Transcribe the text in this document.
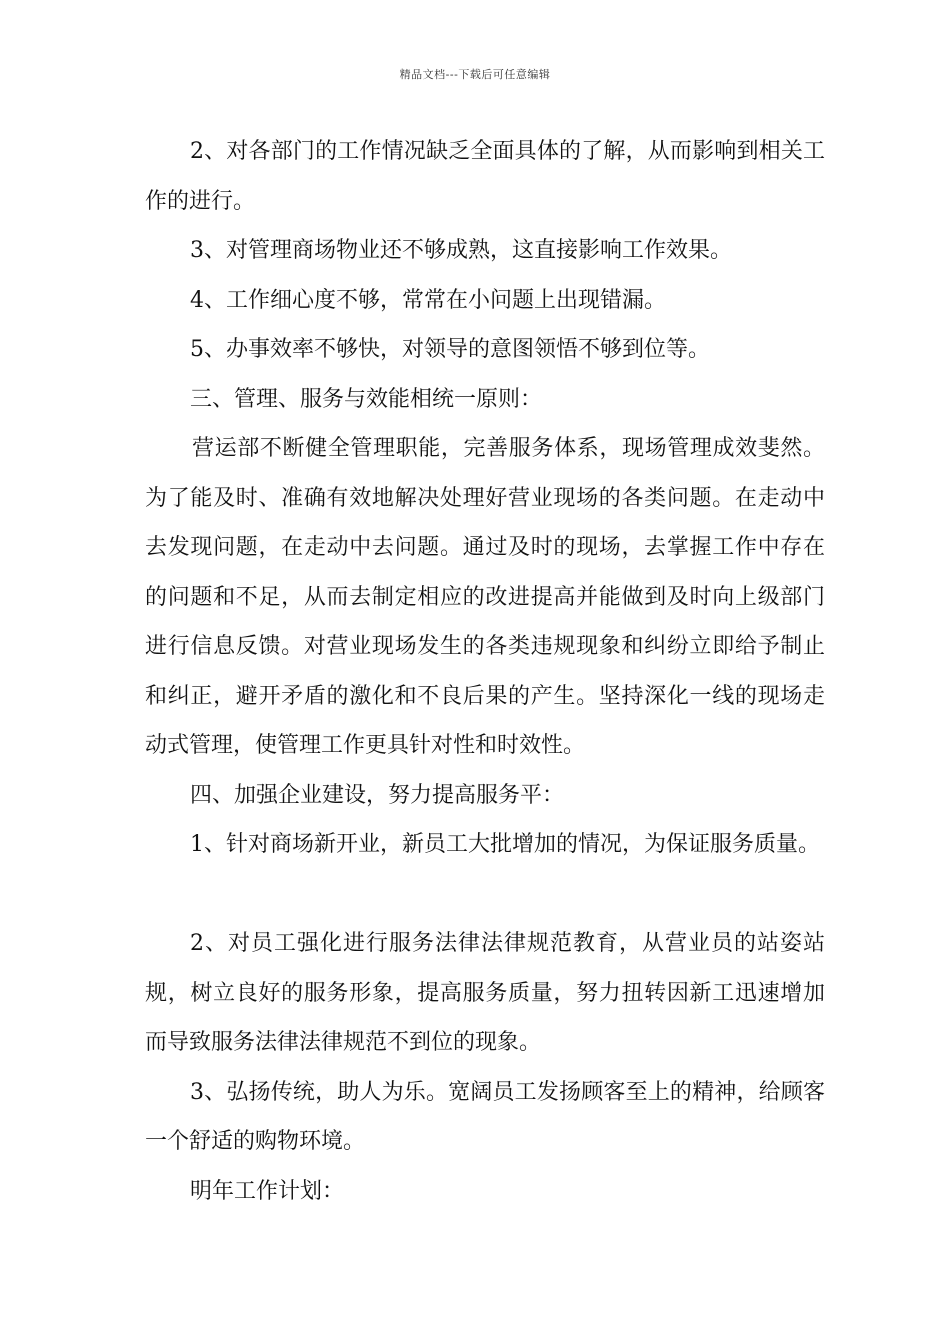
精品文档---下载后可任意编辑

2、对各部门的工作情况缺乏全面具体的了解，从而影响到相关工作的进行。

3、对管理商场物业还不够成熟，这直接影响工作效果。

4、工作细心度不够，常常在小问题上出现错漏。

5、办事效率不够快，对领导的意图领悟不够到位等。

三、管理、服务与效能相统一原则：

营运部不断健全管理职能，完善服务体系，现场管理成效斐然。为了能及时、准确有效地解决处理好营业现场的各类问题。在走动中去发现问题，在走动中去问题。通过及时的现场，去掌握工作中存在的问题和不足，从而去制定相应的改进提高并能做到及时向上级部门进行信息反馈。对营业现场发生的各类违规现象和纠纷立即给予制止和纠正，避开矛盾的激化和不良后果的产生。坚持深化一线的现场走动式管理，使管理工作更具针对性和时效性。

四、加强企业建设，努力提高服务平：

1、针对商场新开业，新员工大批增加的情况，为保证服务质量。

2、对员工强化进行服务法律法律规范教育，从营业员的站姿站规，树立良好的服务形象，提高服务质量，努力扭转因新工迅速增加而导致服务法律法律规范不到位的现象。

3、弘扬传统，助人为乐。宽阔员工发扬顾客至上的精神，给顾客一个舒适的购物环境。

明年工作计划：
